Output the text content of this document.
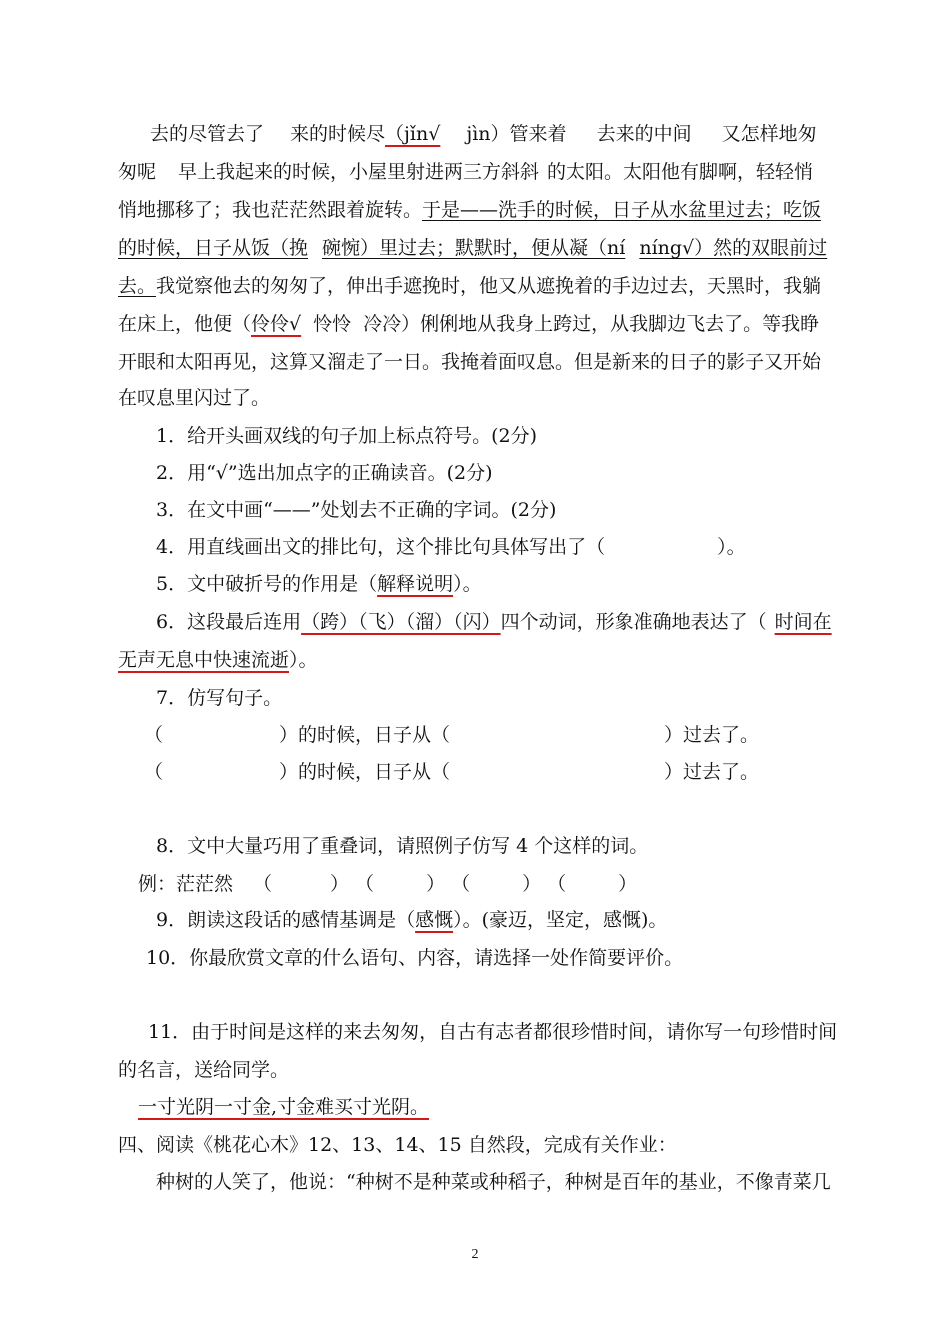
去的尽管去了 来的时候尽（jǐn√ jìn）管来着 去来的中间 又怎样地匆
匆呢 早上我起来的时候，小屋里射进两三方斜斜 的太阳。太阳他有脚啊，轻轻悄
悄地挪移了；我也茫茫然跟着旋转。于是——洗手的时候，日子从水盆里过去；吃饭
的时候，日子从饭（挽 碗惋）里过去；默默时，便从凝（ní níng√）然的双眼前过
去。我觉察他去的匆匆了，伸出手遮挽时，他又从遮挽着的手边过去，天黑时，我躺
在床上，他便（伶伶√ 怜怜 冷冷）俐俐地从我身上跨过，从我脚边飞去了。等我睁
开眼和太阳再见，这算又溜走了一日。我掩着面叹息。但是新来的日子的影子又开始
在叹息里闪过了。
1．给开头画双线的句子加上标点符号。(2分)
2．用“√”选出加点字的正确读音。(2分)
3．在文中画“——”处划去不正确的字词。(2分)
4．用直线画出文的排比句，这个排比句具体写出了（	）。
5．文中破折号的作用是（解释说明）。
6．这段最后连用（跨）（飞）（溜）（闪）四个动词，形象准确地表达了（ 时间在
无声无息中快速流逝）。
7．仿写句子。
（	）的时候，日子从（	）过去了。
（	）的时候，日子从（	）过去了。
8．文中大量巧用了重叠词，请照例子仿写 4 个这样的词。
例：茫茫然 （	） （	） （	） （	）
9．朗读这段话的感情基调是（感慨）。(豪迈，坚定，感慨)。
10．你最欣赏文章的什么语句、内容，请选择一处作简要评价。
11．由于时间是这样的来去匆匆，自古有志者都很珍惜时间，请你写一句珍惜时间
的名言，送给同学。
一寸光阴一寸金,寸金难买寸光阴。
四、阅读《桃花心木》12、13、14、15 自然段，完成有关作业：
种树的人笑了，他说：“种树不是种菜或种稻子，种树是百年的基业，不像青菜几
2
